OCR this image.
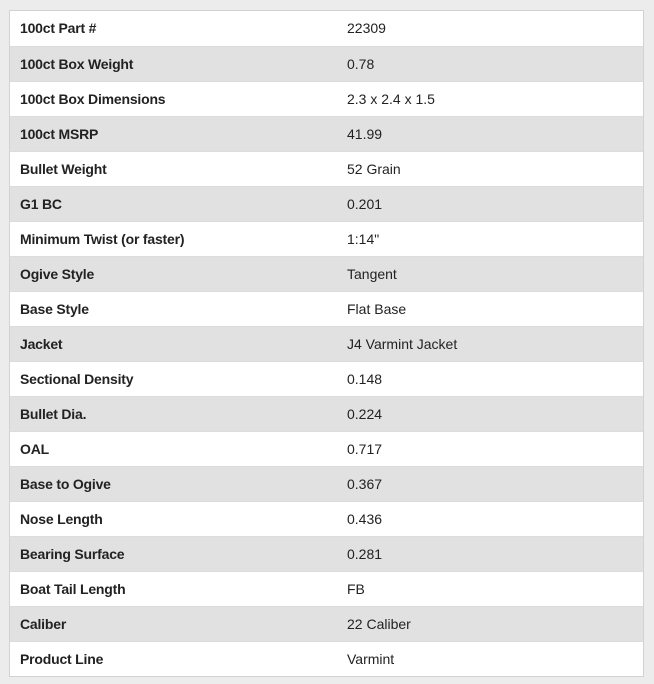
100ct Part #	22309
100ct Box Weight	0.78
100ct Box Dimensions	2.3 x 2.4 x 1.5
100ct MSRP	41.99
Bullet Weight	52 Grain
G1 BC	0.201
Minimum Twist (or faster)	1:14"
Ogive Style	Tangent
Base Style	Flat Base
Jacket	J4 Varmint Jacket
Sectional Density	0.148
Bullet Dia.	0.224
OAL	0.717
Base to Ogive	0.367
Nose Length	0.436
Bearing Surface	0.281
Boat Tail Length	FB
Caliber	22 Caliber
Product Line	Varmint
